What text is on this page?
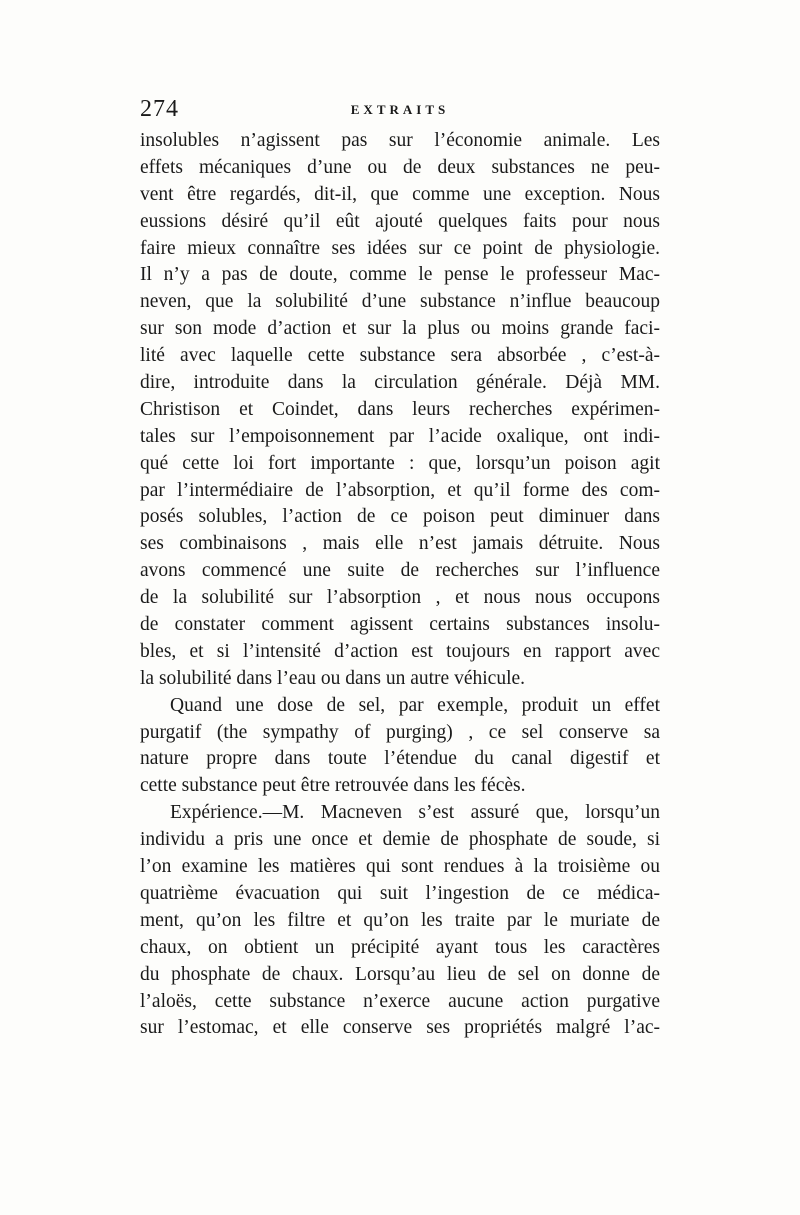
274	EXTRAITS
insolubles n’agissent pas sur l’économie animale. Les
effets mécaniques d’une ou de deux substances ne peu-
vent être regardés, dit-il, que comme une exception. Nous
eussions désiré qu’il eût ajouté quelques faits pour nous
faire mieux connaître ses idées sur ce point de physiologie.
Il n’y a pas de doute, comme le pense le professeur Mac-
neven, que la solubilité d’une substance n’influe beaucoup
sur son mode d’action et sur la plus ou moins grande faci-
lité avec laquelle cette substance sera absorbée , c’est-à-
dire, introduite dans la circulation générale. Déjà MM.
Christison et Coindet, dans leurs recherches expérimen-
tales sur l’empoisonnement par l’acide oxalique, ont indi-
qué cette loi fort importante : que, lorsqu’un poison agit
par l’intermédiaire de l’absorption, et qu’il forme des com-
posés solubles, l’action de ce poison peut diminuer dans
ses combinaisons , mais elle n’est jamais détruite. Nous
avons commencé une suite de recherches sur l’influence
de la solubilité sur l’absorption , et nous nous occupons
de constater comment agissent certains substances insolu-
bles, et si l’intensité d’action est toujours en rapport avec
la solubilité dans l’eau ou dans un autre véhicule.
Quand une dose de sel, par exemple, produit un effet
purgatif (the sympathy of purging) , ce sel conserve sa
nature propre dans toute l’étendue du canal digestif et
cette substance peut être retrouvée dans les fécès.
Expérience.—M. Macneven s’est assuré que, lorsqu’un
individu a pris une once et demie de phosphate de soude, si
l’on examine les matières qui sont rendues à la troisième ou
quatrième évacuation qui suit l’ingestion de ce médica-
ment, qu’on les filtre et qu’on les traite par le muriate de
chaux, on obtient un précipité ayant tous les caractères
du phosphate de chaux. Lorsqu’au lieu de sel on donne de
l’aloës, cette substance n’exerce aucune action purgative
sur l’estomac, et elle conserve ses propriétés malgré l’ac-
